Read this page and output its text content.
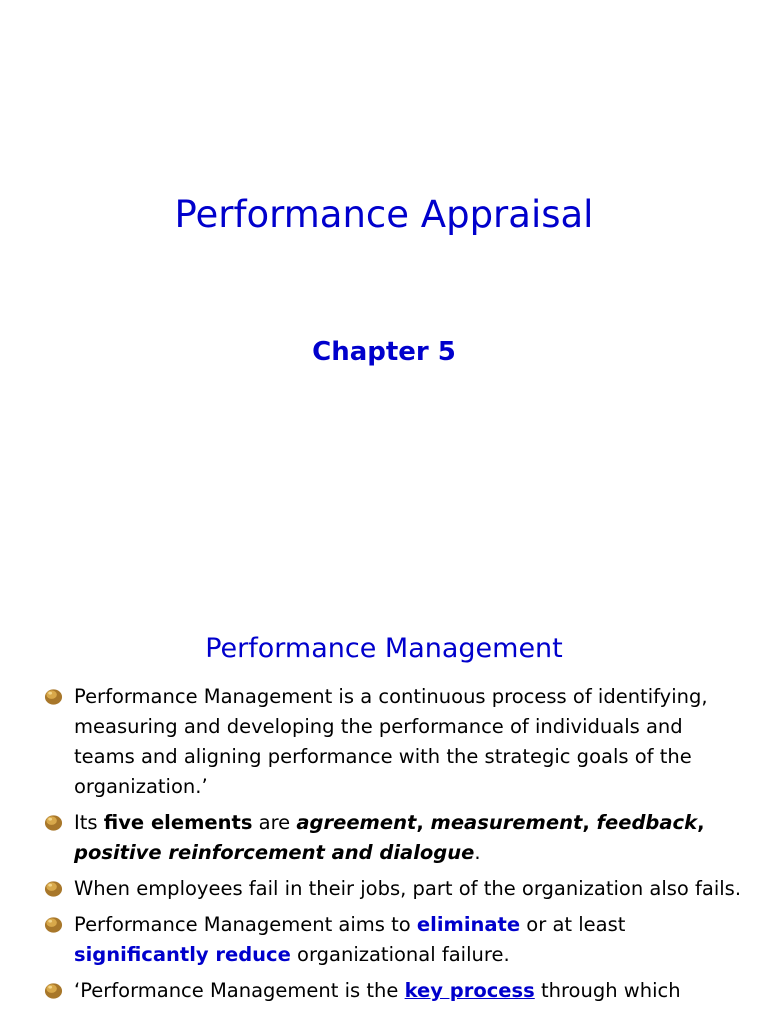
Performance Appraisal
Chapter 5
Performance Management
Performance Management is a continuous process of identifying, measuring and developing the performance of individuals and teams and aligning performance with the strategic goals of the organization.’
Its five elements are agreement, measurement, feedback, positive reinforcement and dialogue.
When employees fail in their jobs, part of the organization also fails.
Performance Management aims to eliminate or at least significantly reduce organizational failure.
‘Performance Management is the key process through which
